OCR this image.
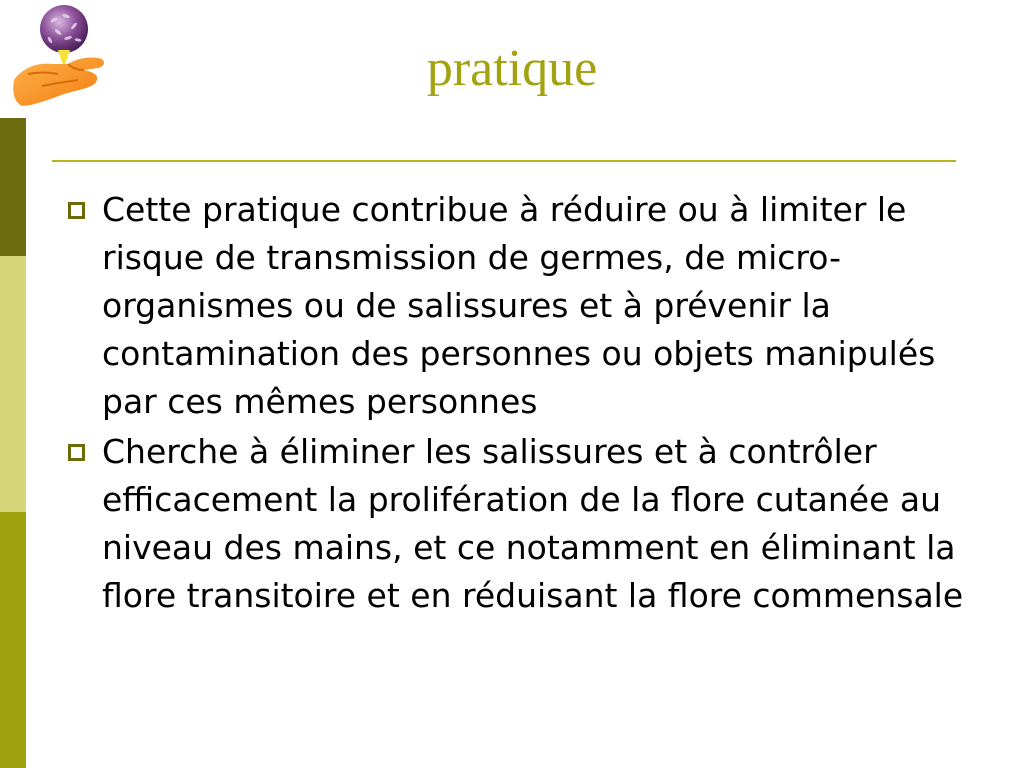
pratique
Cette pratique contribue à réduire ou à limiter le risque de transmission de germes, de micro-organismes ou de salissures et à prévenir la contamination des personnes ou objets manipulés par ces mêmes personnes
Cherche à éliminer les salissures et à contrôler efficacement la prolifération de la flore cutanée au niveau des mains, et ce notamment en éliminant la flore transitoire et en réduisant la flore commensale
